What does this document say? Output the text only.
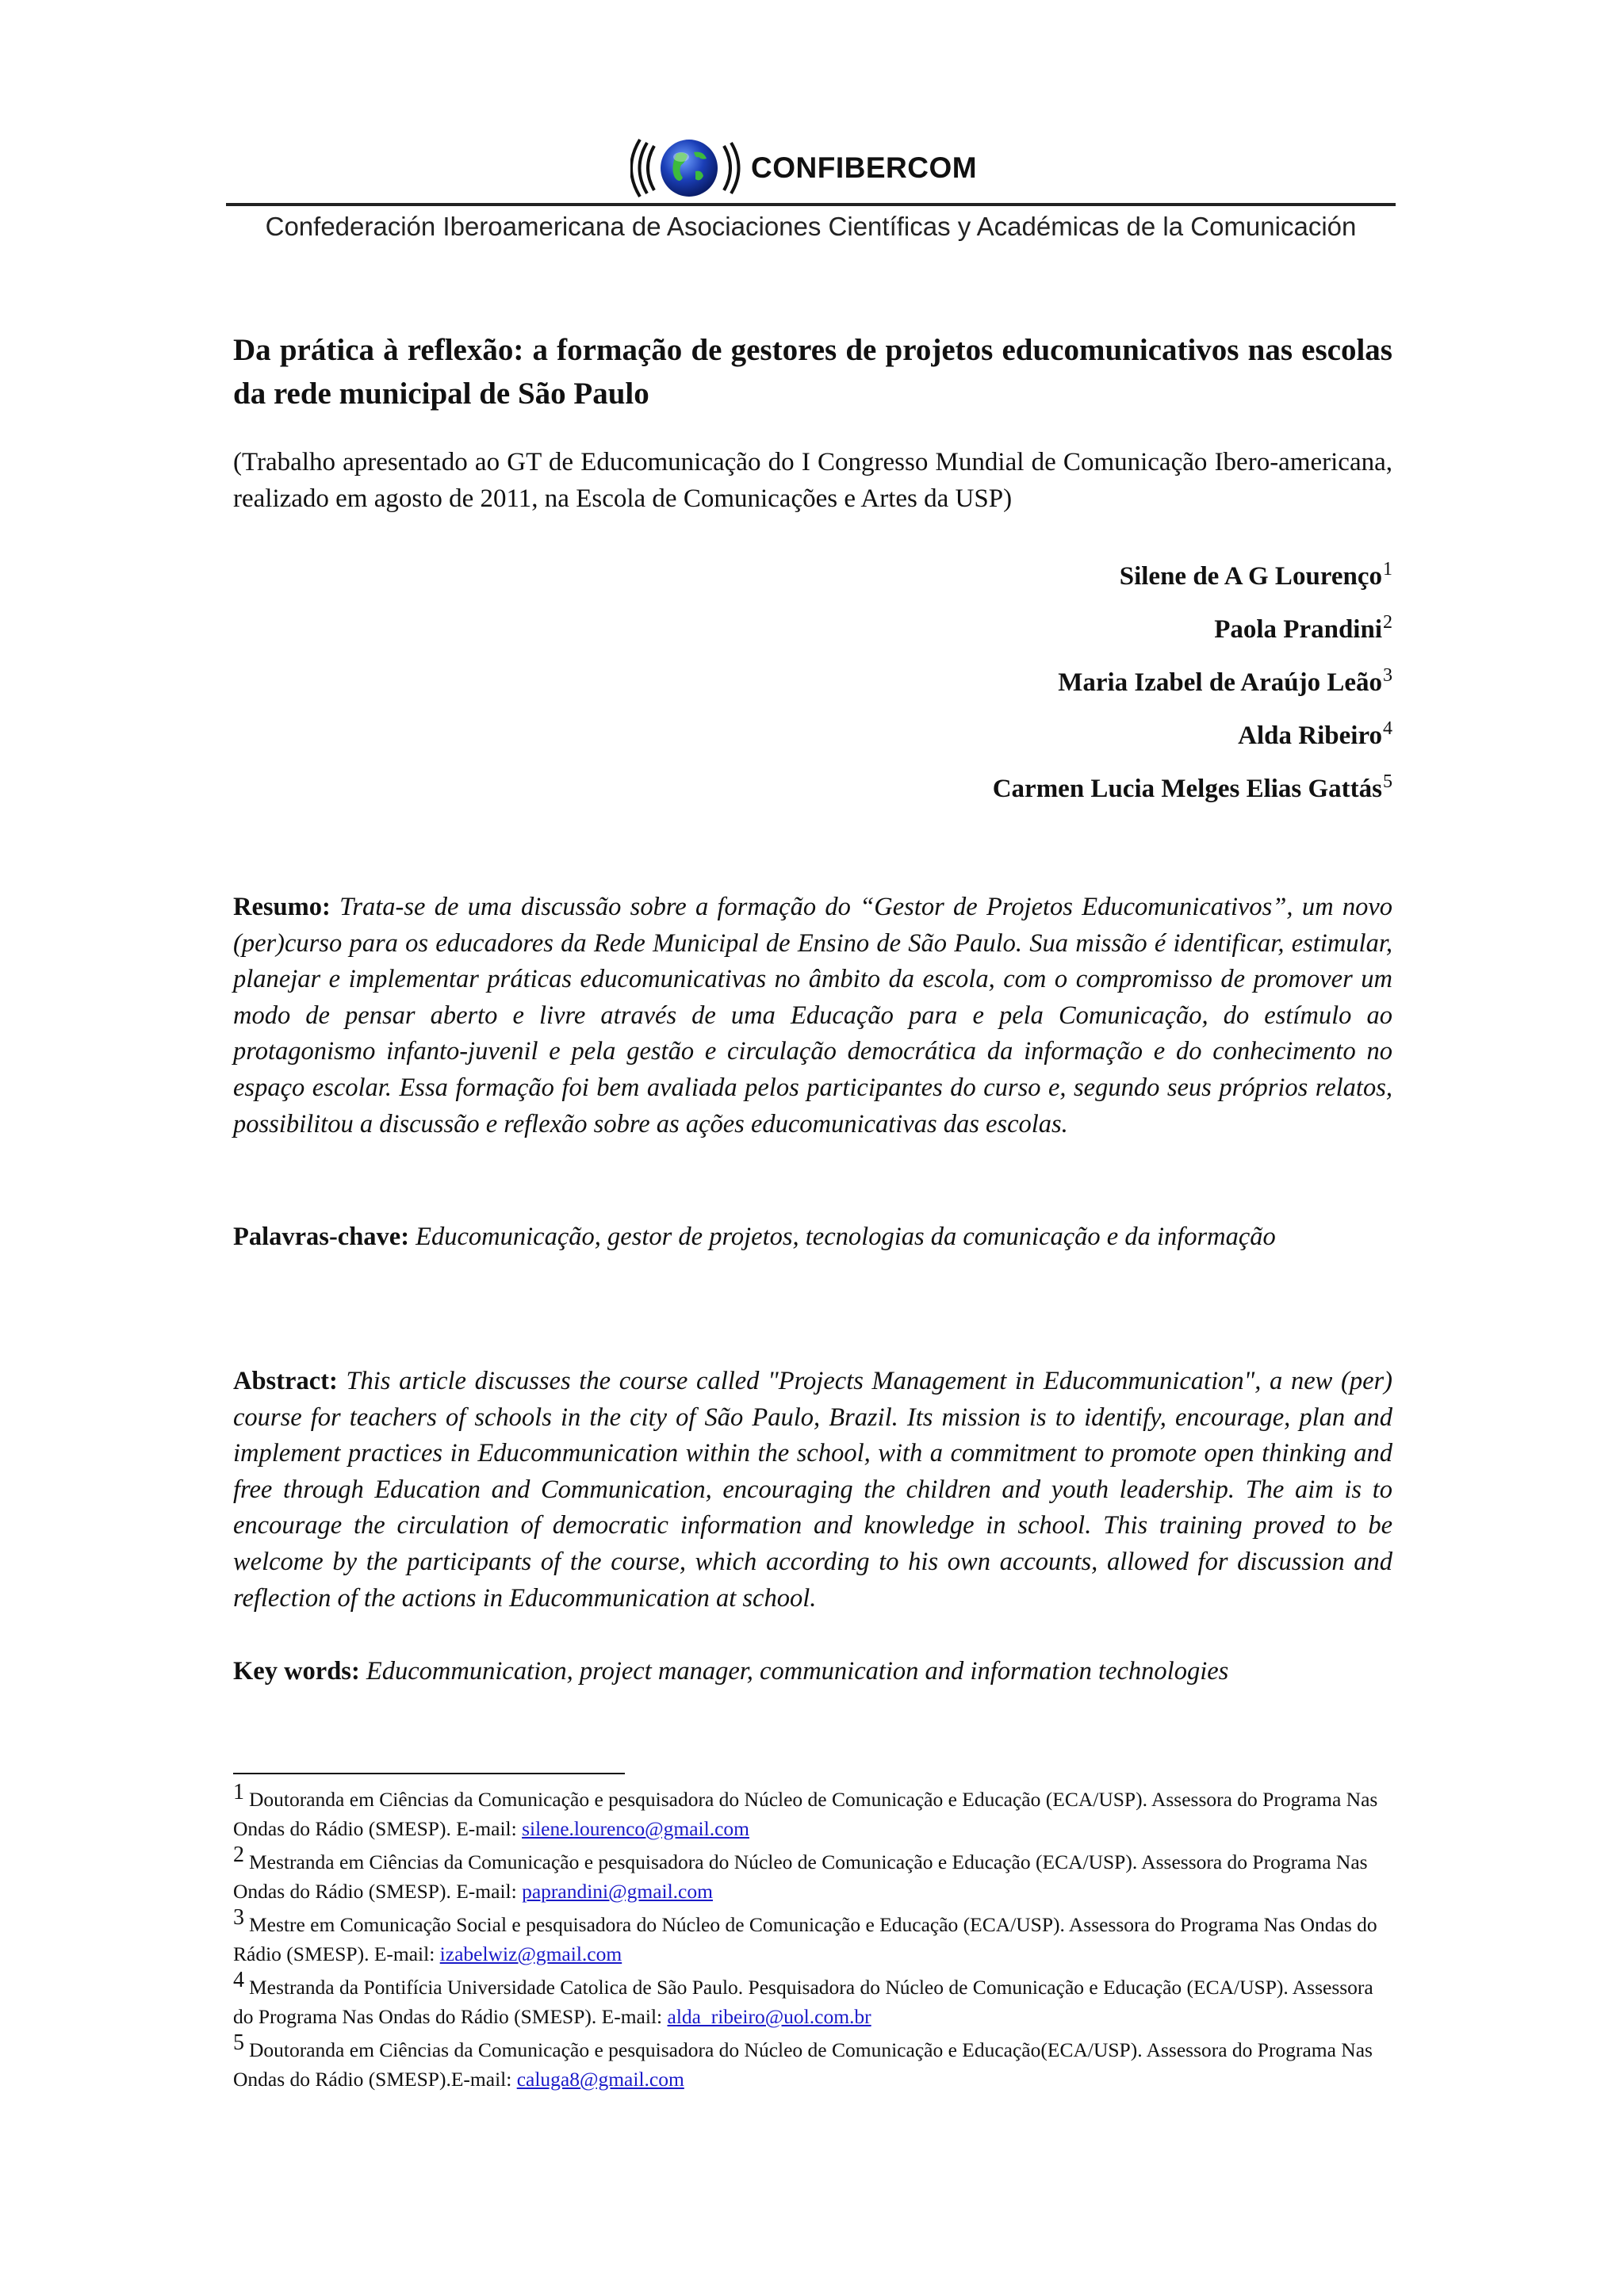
CONFIBERCOM
Confederación Iberoamericana de Asociaciones Científicas y Académicas de la Comunicación
Da prática à reflexão: a formação de gestores de projetos educomunicativos nas escolas da rede municipal de São Paulo

(Trabalho apresentado ao GT de Educomunicação do I Congresso Mundial de Comunicação Ibero-americana, realizado em agosto de 2011, na Escola de Comunicações e Artes da USP)

Silene de A G Lourenço$^1$
Paola Prandini$^2$
Maria Izabel de Araújo Leão$^3$
Alda Ribeiro$^4$
Carmen Lucia Melges Elias Gattás$^5$

Resumo: Trata-se de uma discussão sobre a formação do “Gestor de Projetos Educomunicativos”, um novo (per)curso para os educadores da Rede Municipal de Ensino de São Paulo. Sua missão é identificar, estimular, planejar e implementar práticas educomunicativas no âmbito da escola, com o compromisso de promover um modo de pensar aberto e livre através de uma Educação para e pela Comunicação, do estímulo ao protagonismo infanto-juvenil e pela gestão e circulação democrática da informação e do conhecimento no espaço escolar. Essa formação foi bem avaliada pelos participantes do curso e, segundo seus próprios relatos, possibilitou a discussão e reflexão sobre as ações educomunicativas das escolas.

Palavras-chave: Educomunicação, gestor de projetos, tecnologias da comunicação e da informação

Abstract: This article discusses the course called "Projects Management in Educommunication", a new (per) course for teachers of schools in the city of São Paulo, Brazil. Its mission is to identify, encourage, plan and implement practices in Educommunication within the school, with a commitment to promote open thinking and free through Education and Communication, encouraging the children and youth leadership. The aim is to encourage the circulation of democratic information and knowledge in school. This training proved to be welcome by the participants of the course, which according to his own accounts, allowed for discussion and reflection of the actions in Educommunication at school.

Key words: Educommunication, project manager, communication and information technologies

1 Doutoranda em Ciências da Comunicação e pesquisadora do Núcleo de Comunicação e Educação (ECA/USP). Assessora do Programa Nas Ondas do Rádio (SMESP). E-mail: silene.lourenco@gmail.com
2 Mestranda em Ciências da Comunicação e pesquisadora do Núcleo de Comunicação e Educação (ECA/USP). Assessora do Programa Nas Ondas do Rádio (SMESP). E-mail: paprandini@gmail.com
3 Mestre em Comunicação Social e pesquisadora do Núcleo de Comunicação e Educação (ECA/USP). Assessora do Programa Nas Ondas do Rádio (SMESP). E-mail: izabelwiz@gmail.com
4 Mestranda da Pontifícia Universidade Catolica de São Paulo. Pesquisadora do Núcleo de Comunicação e Educação (ECA/USP). Assessora do Programa Nas Ondas do Rádio (SMESP). E-mail: alda_ribeiro@uol.com.br
5 Doutoranda em Ciências da Comunicação e pesquisadora do Núcleo de Comunicação e Educação(ECA/USP). Assessora do Programa Nas Ondas do Rádio (SMESP).E-mail: caluga8@gmail.com
